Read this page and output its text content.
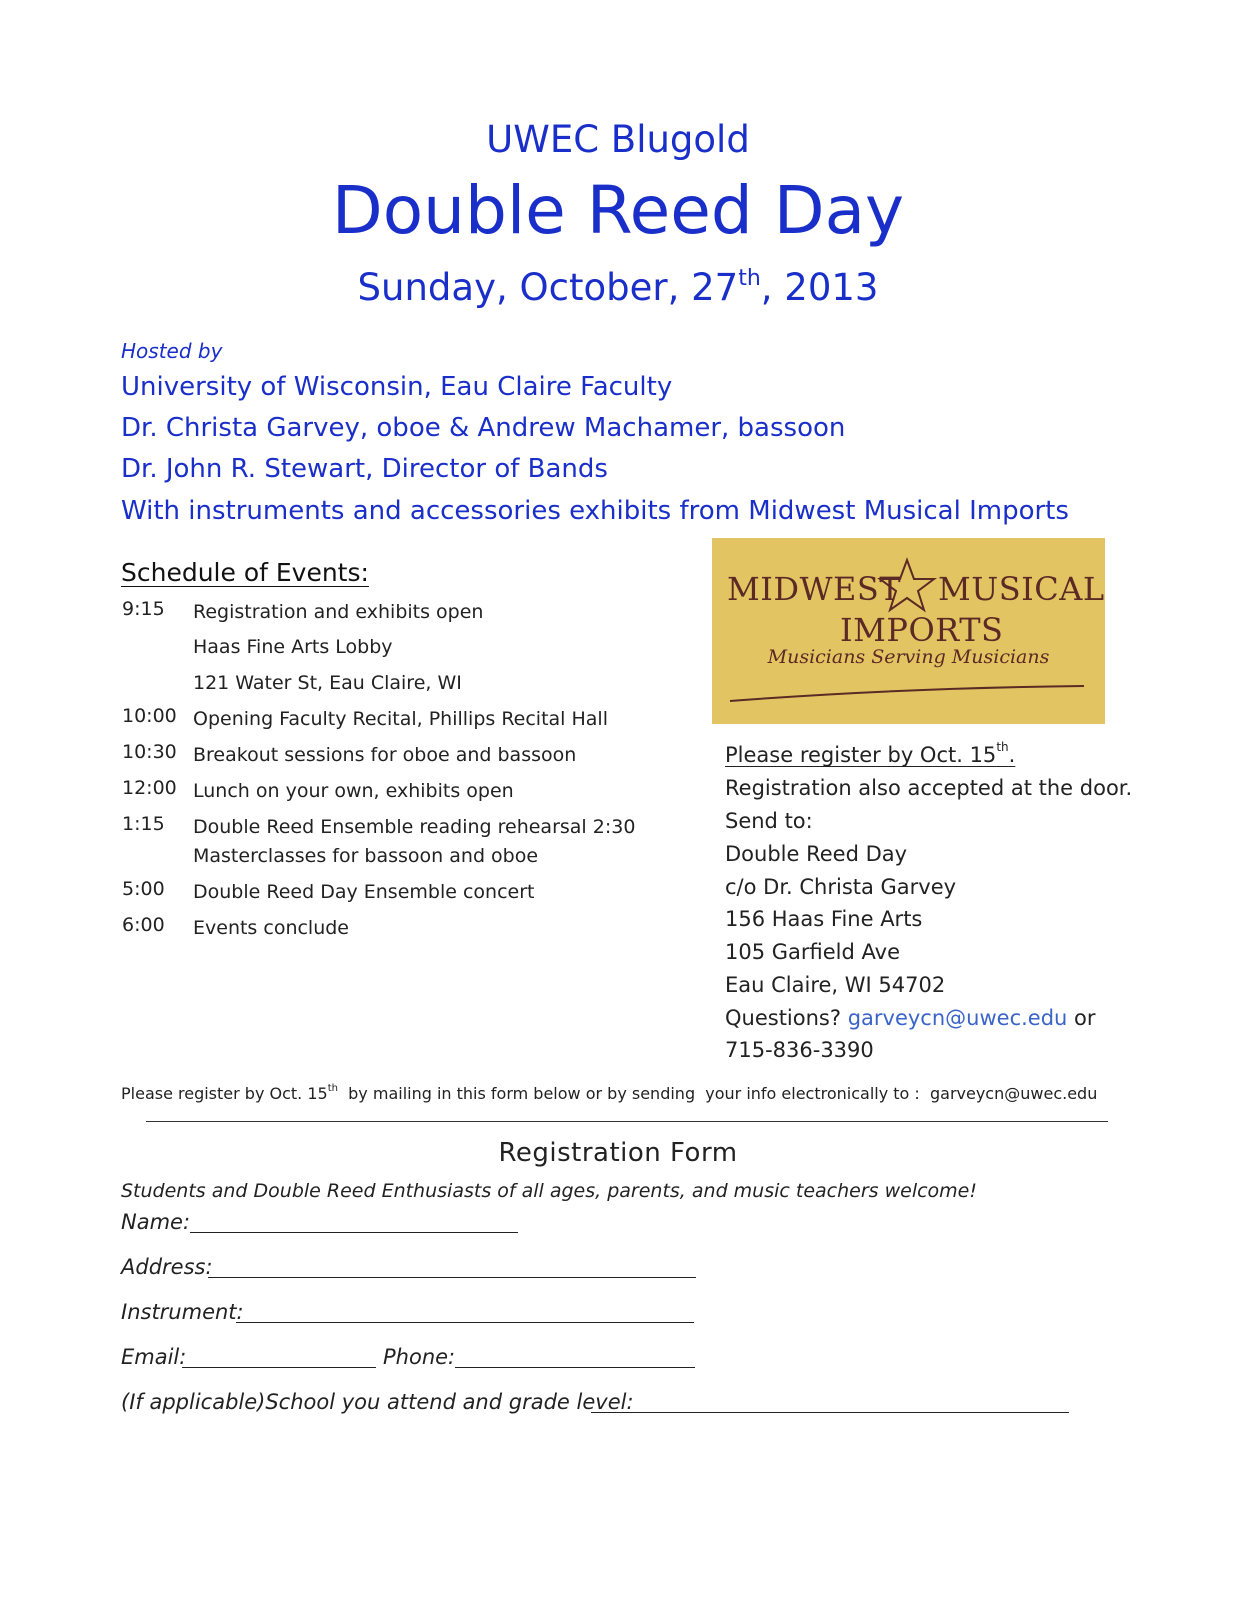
UWEC Blugold
Double Reed Day
Sunday, October, 27th, 2013
Hosted by
University of Wisconsin, Eau Claire Faculty
Dr. Christa Garvey, oboe & Andrew Machamer, bassoon
Dr. John R. Stewart, Director of Bands
With instruments and accessories exhibits from Midwest Musical Imports
Schedule of Events:
9:15 Registration and exhibits open
Haas Fine Arts Lobby
121 Water St, Eau Claire, WI
10:00 Opening Faculty Recital, Phillips Recital Hall
10:30 Breakout sessions for oboe and bassoon
12:00 Lunch on your own, exhibits open
1:15 Double Reed Ensemble reading rehearsal 2:30
Masterclasses for bassoon and oboe
5:00 Double Reed Day Ensemble concert
6:00 Events conclude
MIDWEST MUSICAL
IMPORTS
Musicians Serving Musicians
Please register by Oct. 15th.
Registration also accepted at the door.
Send to:
Double Reed Day
c/o Dr. Christa Garvey
156 Haas Fine Arts
105 Garfield Ave
Eau Claire, WI 54702
Questions? garveycn@uwec.edu or
715-836-3390
Please register by Oct. 15th  by mailing in this form below or by sending  your info electronically to :  garveycn@uwec.edu
Registration Form
Students and Double Reed Enthusiasts of all ages, parents, and music teachers welcome!
Name:
Address:
Instrument:
Email:	Phone:
(If applicable)School you attend and grade level:
